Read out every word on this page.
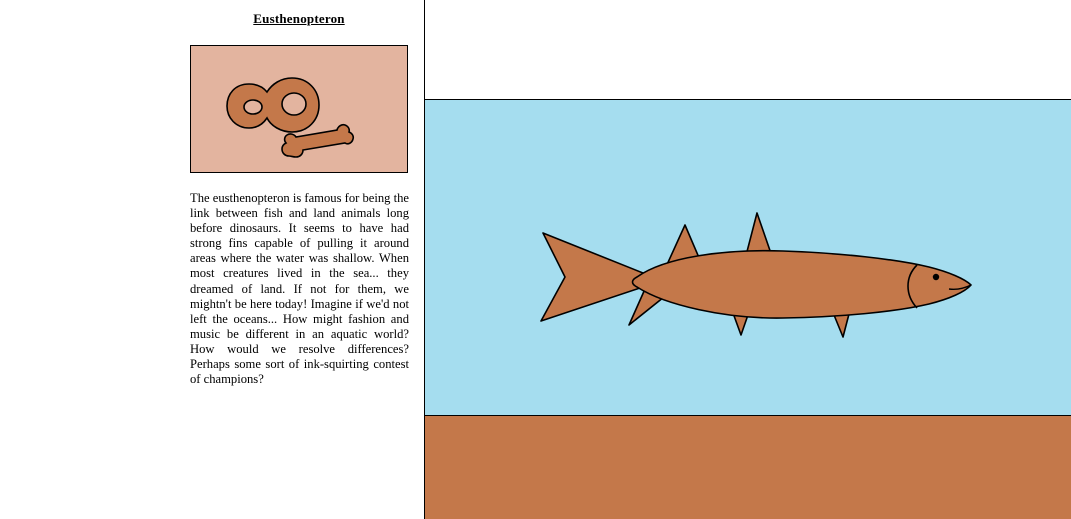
Eusthenopteron
The eusthenopteron is famous for being the link between fish and land animals long before dinosaurs. It seems to have had strong fins capable of pulling it around areas where the water was shallow. When most creatures lived in the sea... they dreamed of land. If not for them, we mightn't be here today! Imagine if we'd not left the oceans... How might fashion and music be different in an aquatic world? How would we resolve differences? Perhaps some sort of ink-squirting contest of champions?
